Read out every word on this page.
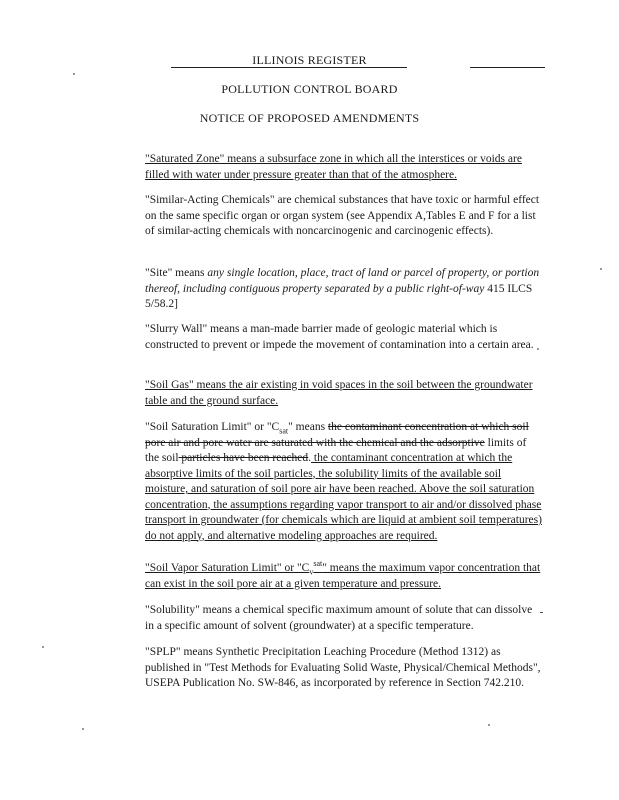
ILLINOIS REGISTER
POLLUTION CONTROL BOARD
NOTICE OF PROPOSED AMENDMENTS
"Saturated Zone" means a subsurface zone in which all the interstices or voids are filled with water under pressure greater than that of the atmosphere.
"Similar-Acting Chemicals" are chemical substances that have toxic or harmful effect on the same specific organ or organ system (see Appendix A,Tables E and F for a list of similar-acting chemicals with noncarcinogenic and carcinogenic effects).
"Site" means any single location, place, tract of land or parcel of property, or portion thereof, including contiguous property separated by a public right-of-way 415 ILCS 5/58.2]
"Slurry Wall" means a man-made barrier made of geologic material which is constructed to prevent or impede the movement of contamination into a certain area.
"Soil Gas" means the air existing in void spaces in the soil between the groundwater table and the ground surface.
"Soil Saturation Limit" or "$C_{sat}$" means the contaminant concentration at which soil pore air and pore water are saturated with the chemical and the adsorptive limits of the soil particles have been reached. the contaminant concentration at which the absorptive limits of the soil particles, the solubility limits of the available soil moisture, and saturation of soil pore air have been reached. Above the soil saturation concentration, the assumptions regarding vapor transport to air and/or dissolved phase transport in groundwater (for chemicals which are liquid at ambient soil temperatures) do not apply, and alternative modeling approaches are required.
"Soil Vapor Saturation Limit" or "$C_v^{sat}$" means the maximum vapor concentration that can exist in the soil pore air at a given temperature and pressure.
"Solubility" means a chemical specific maximum amount of solute that can dissolve in a specific amount of solvent (groundwater) at a specific temperature.
"SPLP" means Synthetic Precipitation Leaching Procedure (Method 1312) as published in "Test Methods for Evaluating Solid Waste, Physical/Chemical Methods", USEPA Publication No. SW-846, as incorporated by reference in Section 742.210.
